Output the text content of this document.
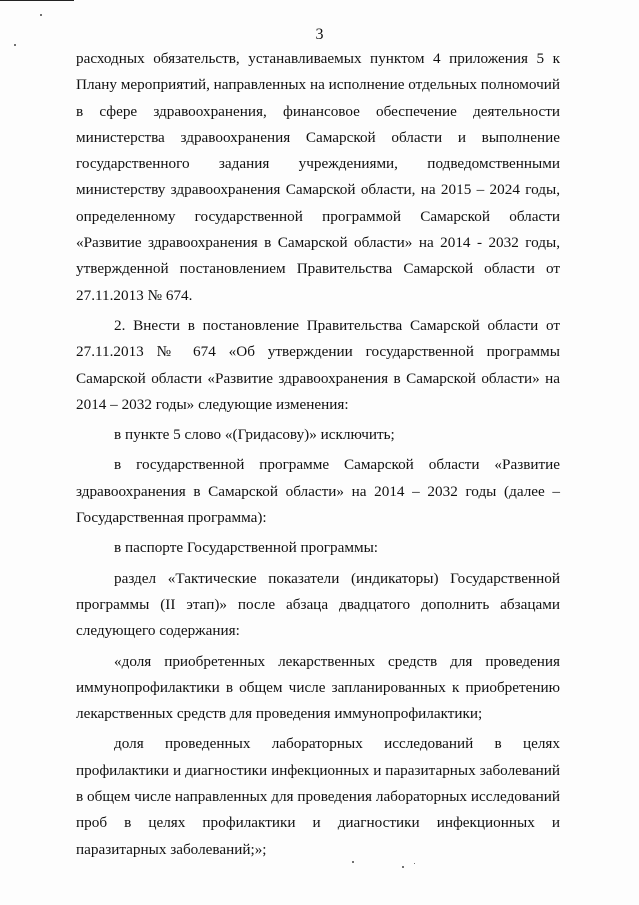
3

расходных обязательств, устанавливаемых пунктом 4 приложения 5 к Плану мероприятий, направленных на исполнение отдельных полномочий в сфере здравоохранения, финансовое обеспечение деятельности министерства здравоохранения Самарской области и выполнение государственного задания учреждениями, подведомственными министерству здравоохранения Самарской области, на 2015 – 2024 годы, определенному государственной программой Самарской области «Развитие здравоохранения в Самарской области» на 2014 - 2032 годы, утвержденной постановлением Правительства Самарской области от 27.11.2013 № 674.

2. Внести в постановление Правительства Самарской области от 27.11.2013 № 674 «Об утверждении государственной программы Самарской области «Развитие здравоохранения в Самарской области» на 2014 – 2032 годы» следующие изменения:

в пункте 5 слово «(Гридасову)» исключить;

в государственной программе Самарской области «Развитие здравоохранения в Самарской области» на 2014 – 2032 годы (далее – Государственная программа):

в паспорте Государственной программы:

раздел «Тактические показатели (индикаторы) Государственной программы (II этап)» после абзаца двадцатого дополнить абзацами следующего содержания:

«доля приобретенных лекарственных средств для проведения иммунопрофилактики в общем числе запланированных к приобретению лекарственных средств для проведения иммунопрофилактики;

доля проведенных лабораторных исследований в целях профилактики и диагностики инфекционных и паразитарных заболеваний в общем числе направленных для проведения лабораторных исследований проб в целях профилактики и диагностики инфекционных и паразитарных заболеваний;»;
